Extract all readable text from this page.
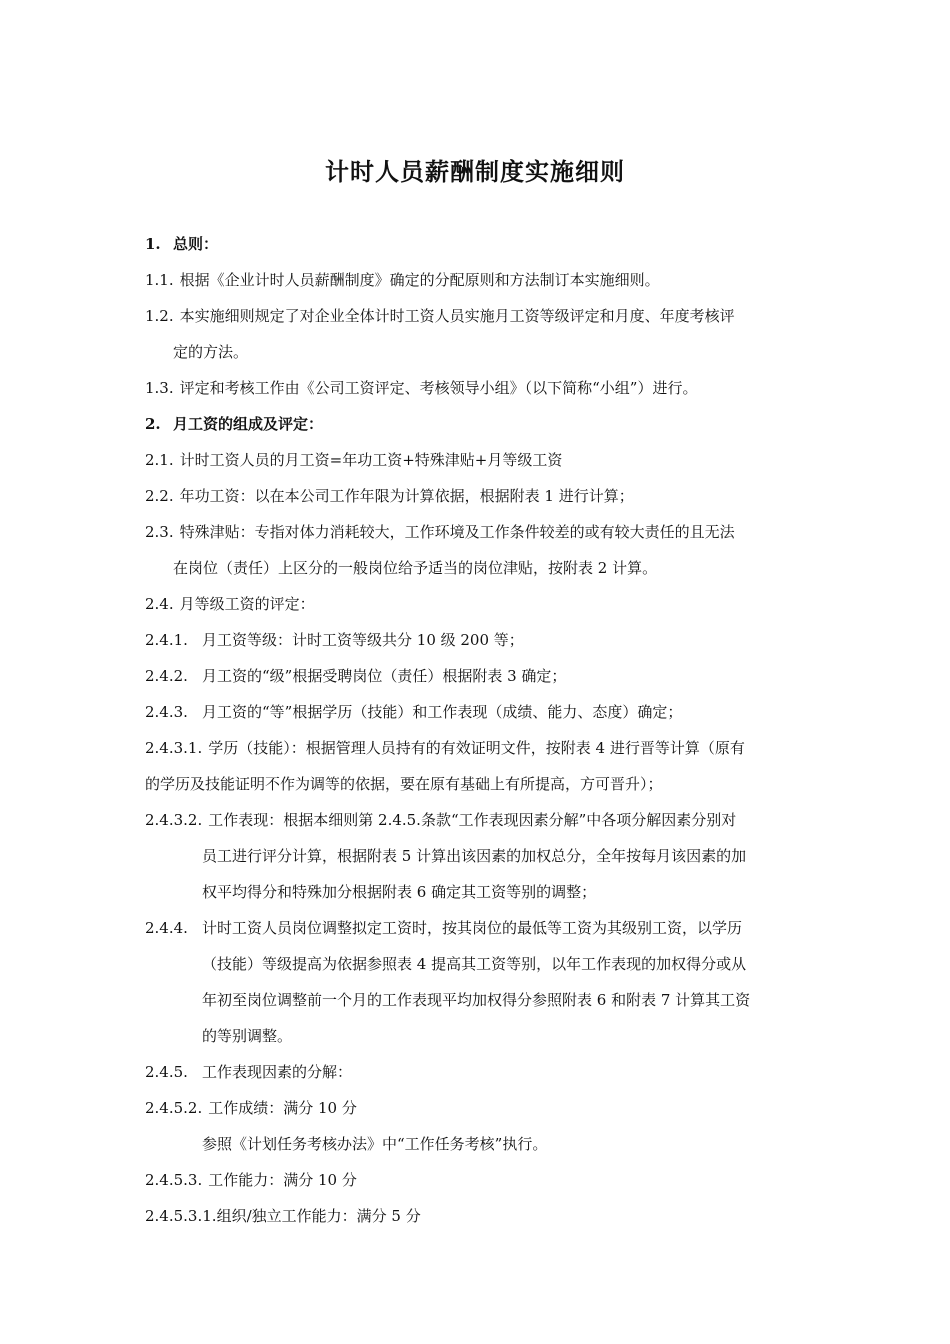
计时人员薪酬制度实施细则
1. 总则：
1.1. 根据《企业计时人员薪酬制度》确定的分配原则和方法制订本实施细则。
1.2. 本实施细则规定了对企业全体计时工资人员实施月工资等级评定和月度、年度考核评
定的方法。
1.3. 评定和考核工作由《公司工资评定、考核领导小组》（以下简称“小组”）进行。
2. 月工资的组成及评定：
2.1. 计时工资人员的月工资=年功工资+特殊津贴+月等级工资
2.2. 年功工资：以在本公司工作年限为计算依据，根据附表 1 进行计算；
2.3. 特殊津贴：专指对体力消耗较大，工作环境及工作条件较差的或有较大责任的且无法
在岗位（责任）上区分的一般岗位给予适当的岗位津贴，按附表 2 计算。
2.4. 月等级工资的评定：
2.4.1. 月工资等级：计时工资等级共分 10 级 200 等；
2.4.2. 月工资的“级”根据受聘岗位（责任）根据附表 3 确定；
2.4.3. 月工资的“等”根据学历（技能）和工作表现（成绩、能力、态度）确定；
2.4.3.1. 学历（技能）：根据管理人员持有的有效证明文件，按附表 4 进行晋等计算（原有
的学历及技能证明不作为调等的依据，要在原有基础上有所提高，方可晋升）；
2.4.3.2. 工作表现：根据本细则第 2.4.5.条款“工作表现因素分解”中各项分解因素分别对
员工进行评分计算，根据附表 5 计算出该因素的加权总分，全年按每月该因素的加
权平均得分和特殊加分根据附表 6 确定其工资等别的调整；
2.4.4. 计时工资人员岗位调整拟定工资时，按其岗位的最低等工资为其级别工资，以学历
（技能）等级提高为依据参照表 4 提高其工资等别，以年工作表现的加权得分或从
年初至岗位调整前一个月的工作表现平均加权得分参照附表 6 和附表 7 计算其工资
的等别调整。
2.4.5. 工作表现因素的分解：
2.4.5.2. 工作成绩：满分 10 分
参照《计划任务考核办法》中“工作任务考核”执行。
2.4.5.3. 工作能力：满分 10 分
2.4.5.3.1.组织/独立工作能力：满分 5 分
